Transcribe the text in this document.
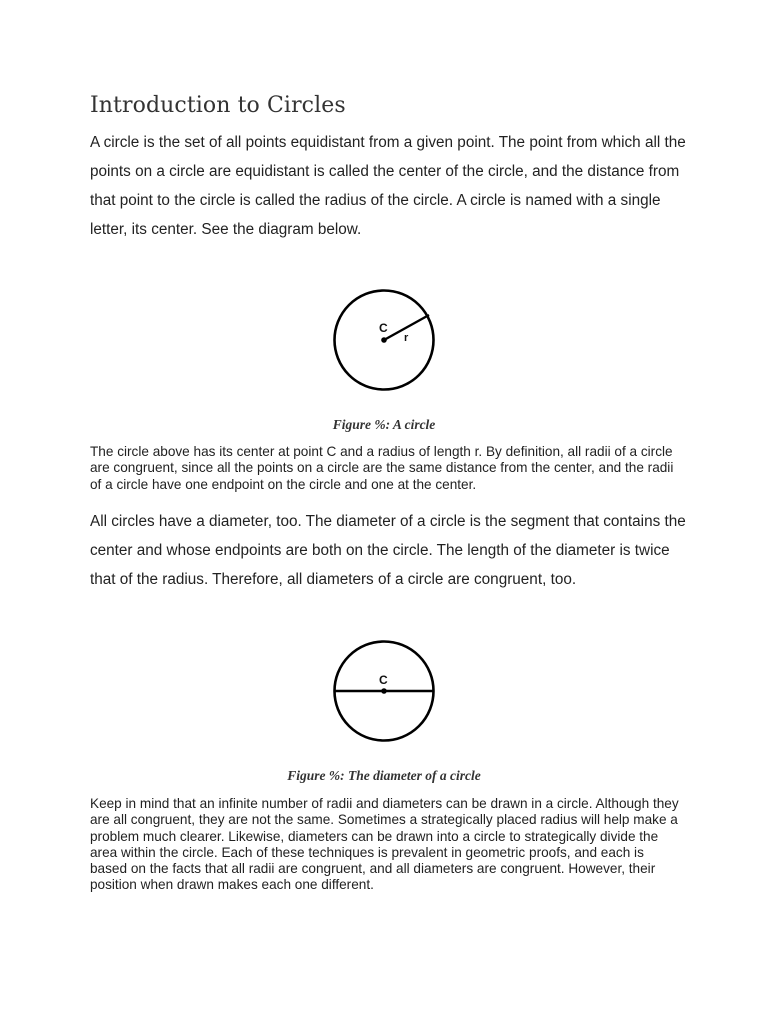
Introduction to Circles

A circle is the set of all points equidistant from a given point. The point from which all the points on a circle are equidistant is called the center of the circle, and the distance from that point to the circle is called the radius of the circle. A circle is named with a single letter, its center. See the diagram below.

C
r

Figure %: A circle

The circle above has its center at point C and a radius of length r. By definition, all radii of a circle are congruent, since all the points on a circle are the same distance from the center, and the radii of a circle have one endpoint on the circle and one at the center.

All circles have a diameter, too. The diameter of a circle is the segment that contains the center and whose endpoints are both on the circle. The length of the diameter is twice that of the radius. Therefore, all diameters of a circle are congruent, too.

C

Figure %: The diameter of a circle

Keep in mind that an infinite number of radii and diameters can be drawn in a circle. Although they are all congruent, they are not the same. Sometimes a strategically placed radius will help make a problem much clearer. Likewise, diameters can be drawn into a circle to strategically divide the area within the circle. Each of these techniques is prevalent in geometric proofs, and each is based on the facts that all radii are congruent, and all diameters are congruent. However, their position when drawn makes each one different.
